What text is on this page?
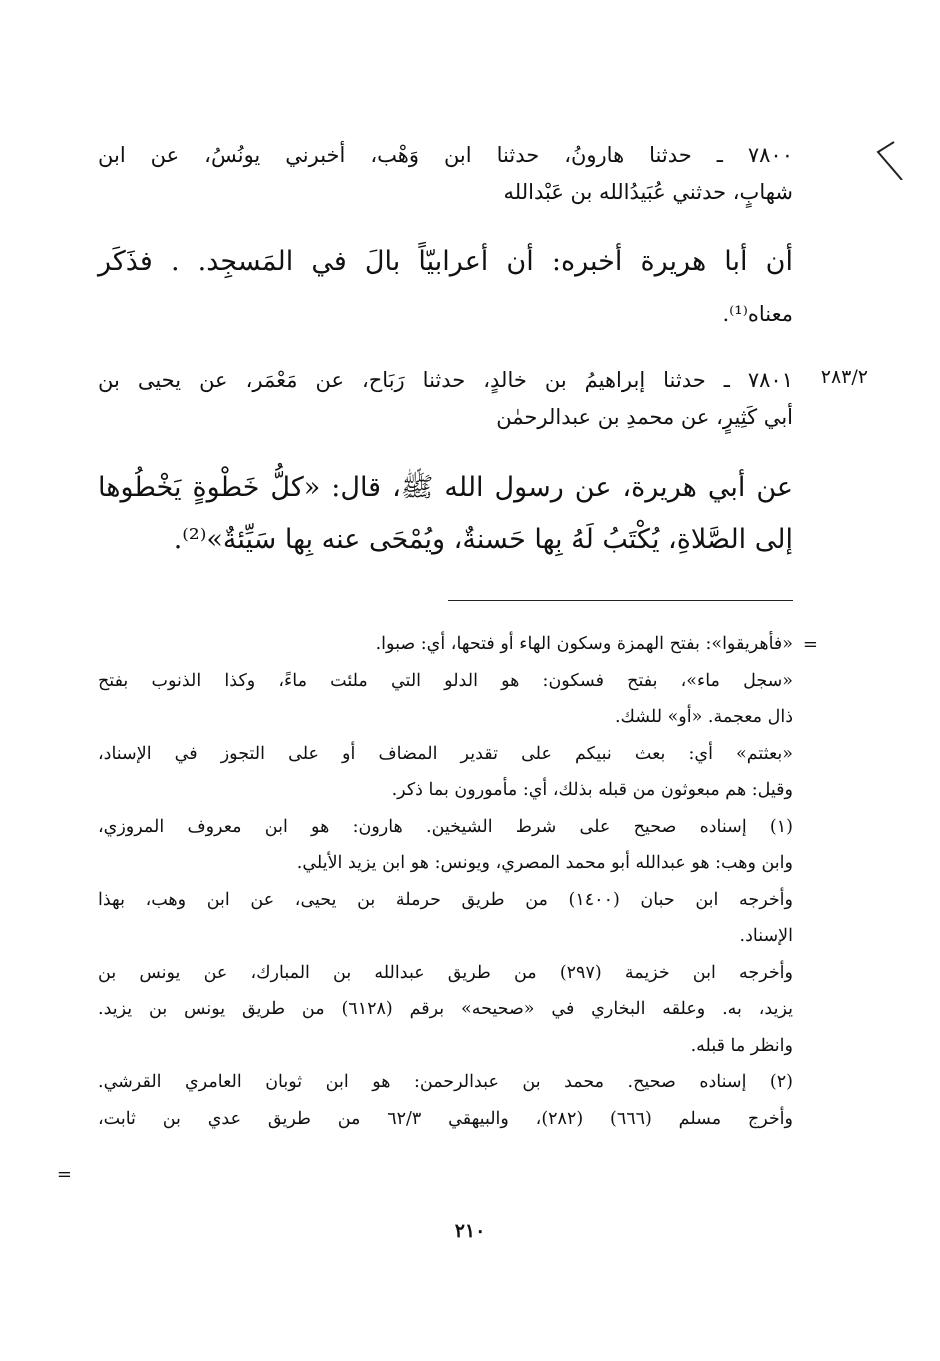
٧٨٠٠ ـ حدثنا هارونُ، حدثنا ابن وَهْب، أخبرني يونُسُ، عن ابن
شهابٍ، حدثني عُبَيدُالله بن عَبْدالله
أن أبا هريرة أخبره: أن أعرابيّاً بالَ في المَسجِد. . فذَكَر
معناه⁽¹⁾.
٢٨٣/٢
٧٨٠١ ـ حدثنا إبراهيمُ بن خالدٍ، حدثنا رَبَاح، عن مَعْمَر، عن يحيى بن
أبي كَثِيرٍ، عن محمدِ بن عبدالرحمٰن
عن أبي هريرة، عن رسول الله ﷺ، قال: «كلُّ خَطْوةٍ يَخْطُوها
إلى الصَّلاةِ، يُكْتَبُ لَهُ بِها حَسنةٌ، ويُمْحَى عنه بِها سَيِّئةٌ»⁽²⁾.
=
=
«فأهريقوا»: بفتح الهمزة وسكون الهاء أو فتحها، أي: صبوا.
«سجل ماء»، بفتح فسكون: هو الدلو التي ملئت ماءً، وكذا الذنوب بفتح
ذال معجمة. «أو» للشك.
«بعثتم» أي: بعث نبيكم على تقدير المضاف أو على التجوز في الإسناد،
وقيل: هم مبعوثون من قبله بذلك، أي: مأمورون بما ذكر.
(١) إسناده صحيح على شرط الشيخين. هارون: هو ابن معروف المروزي،
وابن وهب: هو عبدالله أبو محمد المصري، ويونس: هو ابن يزيد الأيلي.
وأخرجه ابن حبان (١٤٠٠) من طريق حرملة بن يحيى، عن ابن وهب، بهذا
الإسناد.
وأخرجه ابن خزيمة (٢٩٧) من طريق عبدالله بن المبارك، عن يونس بن
يزيد، به. وعلقه البخاري في «صحيحه» برقم (٦١٢٨) من طريق يونس بن يزيد.
وانظر ما قبله.
(٢) إسناده صحيح. محمد بن عبدالرحمن: هو ابن ثوبان العامري القرشي.
وأخرج مسلم (٦٦٦) (٢٨٢)، والبيهقي ٦٢/٣ من طريق عدي بن ثابت،
٢١٠
